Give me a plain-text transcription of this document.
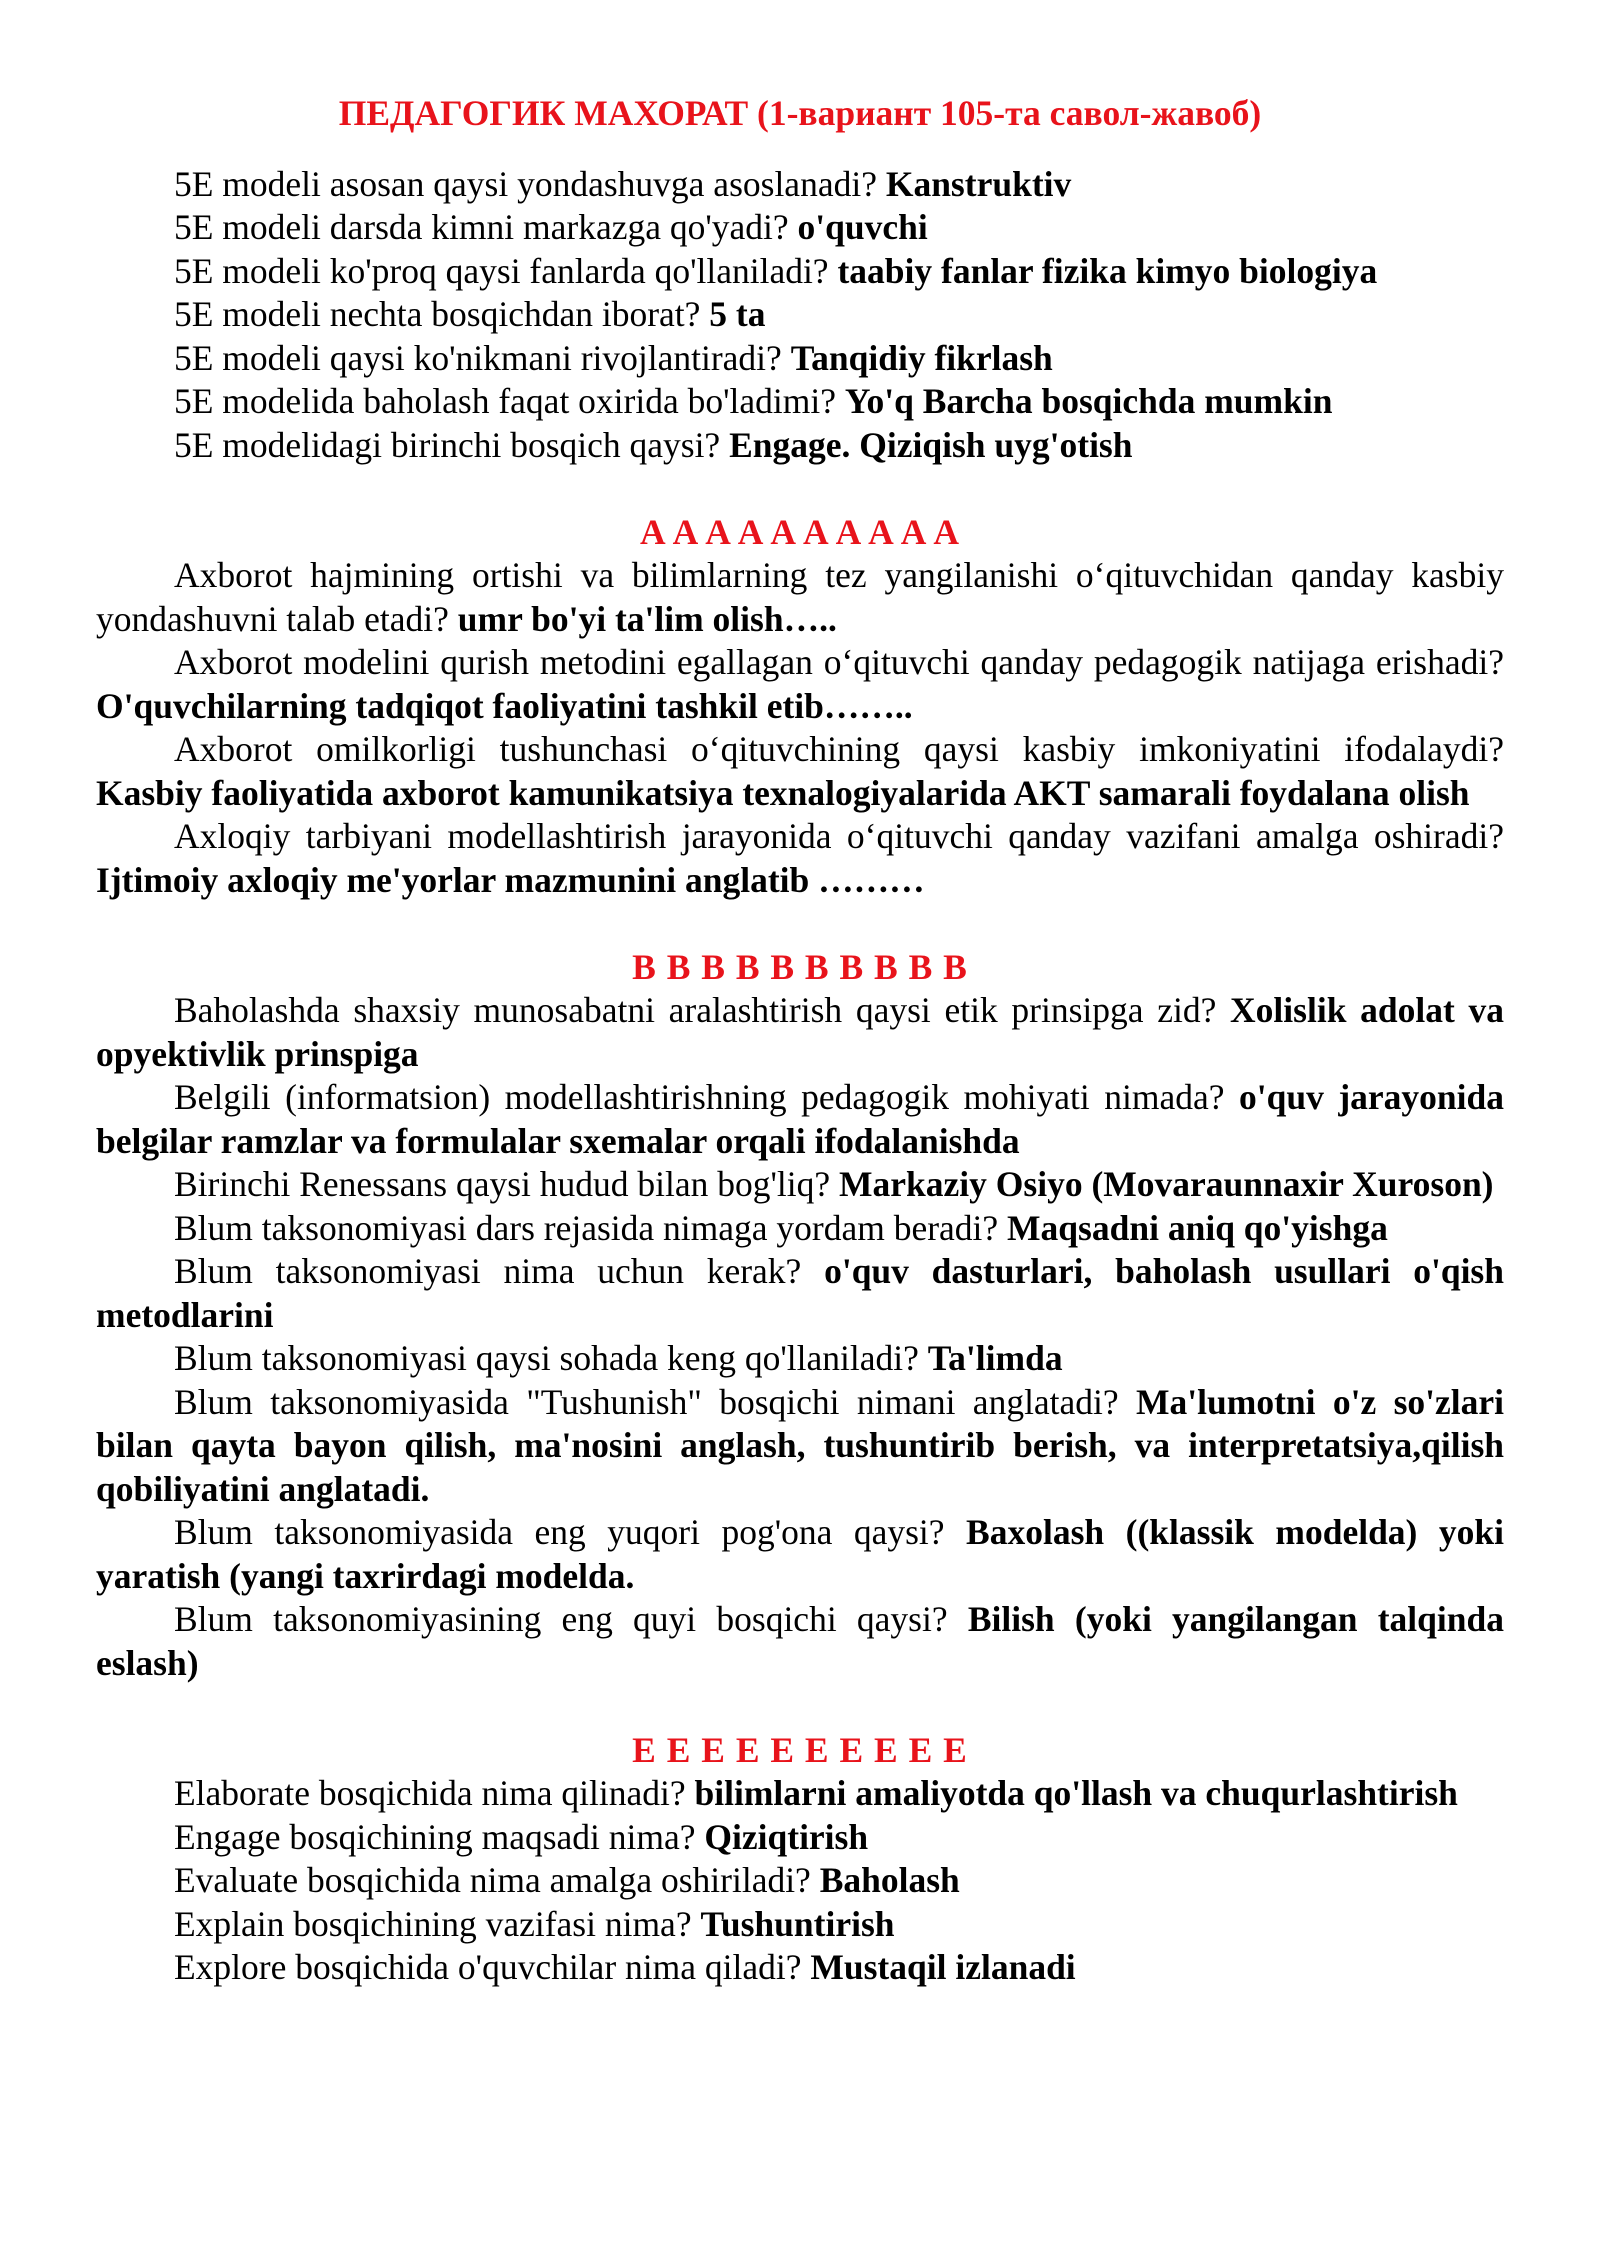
ПЕДАГОГИК МАХОРАТ (1-вариант 105-та савол-жавоб)

5E modeli asosan qaysi yondashuvga asoslanadi? Kanstruktiv

5E modeli darsda kimni markazga qo'yadi? o'quvchi

5E modeli ko'proq qaysi fanlarda qo'llaniladi? taabiy fanlar fizika kimyo biologiya

5E modeli nechta bosqichdan iborat? 5 ta

5E modeli qaysi ko'nikmani rivojlantiradi? Tanqidiy fikrlash

5E modelida baholash faqat oxirida bo'ladimi? Yo'q Barcha bosqichda mumkin

5E modelidagi birinchi bosqich qaysi? Engage. Qiziqish uyg'otish

A A A A A A A A A A

Axborot hajmining ortishi va bilimlarning tez yangilanishi o‘qituvchidan qanday kasbiy yondashuvni talab etadi? umr bo'yi ta'lim olish…..

Axborot modelini qurish metodini egallagan o‘qituvchi qanday pedagogik natijaga erishadi? O'quvchilarning tadqiqot faoliyatini tashkil etib……..

Axborot omilkorligi tushunchasi o‘qituvchining qaysi kasbiy imkoniyatini ifodalaydi? Kasbiy faoliyatida axborot kamunikatsiya texnalogiyalarida AKT samarali foydalana olish

Axloqiy tarbiyani modellashtirish jarayonida o‘qituvchi qanday vazifani amalga oshiradi? Ijtimoiy axloqiy me'yorlar mazmunini anglatib ………

B B B B B B B B B B

Baholashda shaxsiy munosabatni aralashtirish qaysi etik prinsipga zid? Xolislik adolat va opyektivlik prinspiga

Belgili (informatsion) modellashtirishning pedagogik mohiyati nimada? o'quv jarayonida belgilar ramzlar va formulalar sxemalar orqali ifodalanishda

Birinchi Renessans qaysi hudud bilan bog'liq? Markaziy Osiyo (Movaraunnaxir Xuroson)

Blum taksonomiyasi dars rejasida nimaga yordam beradi? Maqsadni aniq qo'yishga

Blum taksonomiyasi nima uchun kerak? o'quv dasturlari, baholash usullari o'qish metodlarini

Blum taksonomiyasi qaysi sohada keng qo'llaniladi? Ta'limda

Blum taksonomiyasida "Tushunish" bosqichi nimani anglatadi? Ma'lumotni o'z so'zlari bilan qayta bayon qilish, ma'nosini anglash, tushuntirib berish, va interpretatsiya,qilish qobiliyatini anglatadi.

Blum taksonomiyasida eng yuqori pog'ona qaysi? Baxolash ((klassik modelda) yoki yaratish (yangi taxrirdagi modelda.

Blum taksonomiyasining eng quyi bosqichi qaysi? Bilish (yoki yangilangan talqinda eslash)

E E E E E E E E E E

Elaborate bosqichida nima qilinadi? bilimlarni amaliyotda qo'llash va chuqurlashtirish

Engage bosqichining maqsadi nima? Qiziqtirish

Evaluate bosqichida nima amalga oshiriladi? Baholash

Explain bosqichining vazifasi nima? Tushuntirish

Explore bosqichida o'quvchilar nima qiladi? Mustaqil izlanadi
